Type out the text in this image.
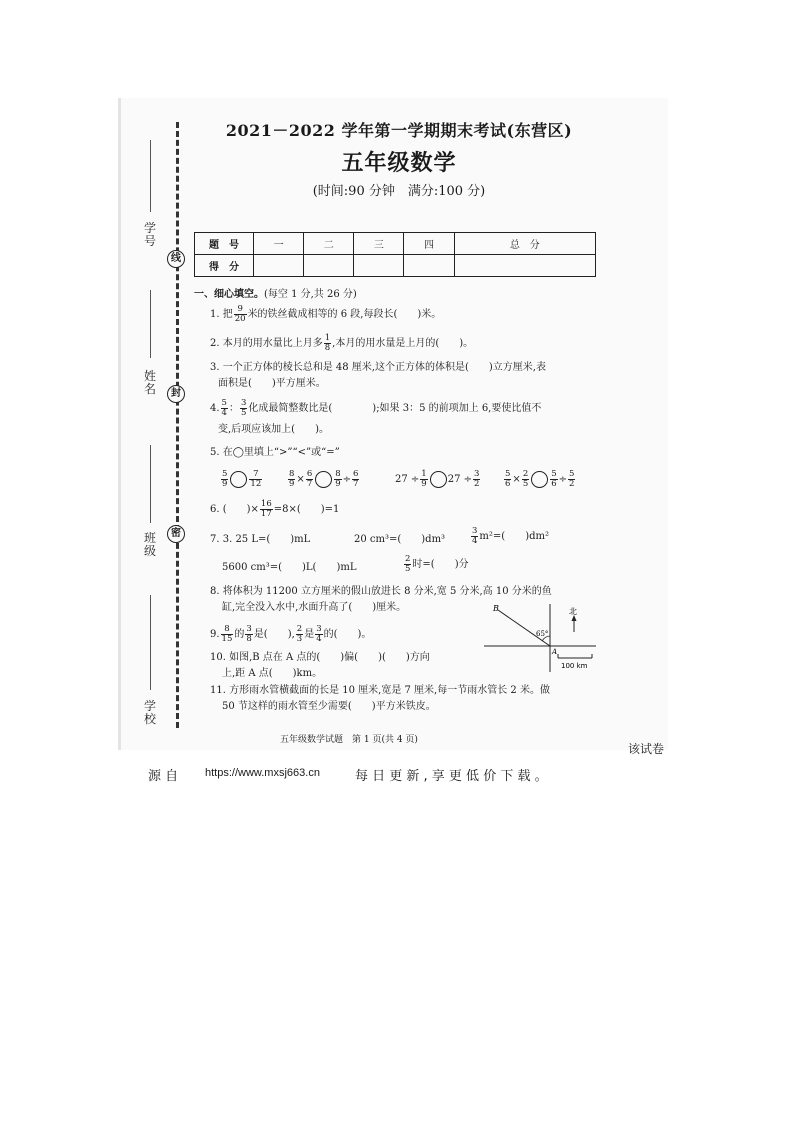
学 号
姓 名
班 级
学 校
线
封
密
2021－2022 学年第一学期期末考试(东营区)
五年级数学
(时间:90 分钟　满分:100 分)
题　号	一	二	三	四	总　分
得　分					
一、细心填空。(每空 1 分,共 26 分)
1. 把 $\frac{9}{20}$ 米的铁丝截成相等的 6 段,每段长(　　)米。
2. 本月的用水量比上月多 $\frac{1}{8}$ ,本月的用水量是上月的(　　)。
3. 一个正方体的棱长总和是 48 厘米,这个正方体的体积是(　　)立方厘米,表
面积是(　　)平方厘米。
4. $\frac{5}{4}$ ： $\frac{3}{5}$ 化成最简整数比是(　　　　);如果 3：5 的前项加上 6,要使比值不
变,后项应该加上(　　)。
5. 在◯里填上“>”“<”或“=”
$\frac{5}{9} \frac{7}{12}$	$\frac{8}{9} \times \frac{6}{7} \frac{8}{9} \div \frac{6}{7}$	$27 \div \frac{1}{9} 27 \div \frac{3}{2}$	$\frac{5}{6} \times \frac{2}{5} \frac{5}{6} \div \frac{5}{2}$
6. (　　)× $\frac{16}{17} =8\times$(　　)=1
7. 3. 25 L=(　　)mL	20 cm³=(　　)dm³	$\frac{3}{4} m^2=$(　　)dm²
5600 cm³=(　　)L(　　)mL	$\frac{2}{5}$ 时=(　　)分
8. 将体积为 11200 立方厘米的假山放进长 8 分米,宽 5 分米,高 10 分米的鱼
缸,完全没入水中,水面升高了(　　)厘米。
9. $\frac{8}{15}$ 的 $\frac{3}{8}$ 是(　　), $\frac{2}{3}$ 是 $\frac{3}{4}$ 的(　　)。
10. 如图,B 点在 A 点的(　　)偏(　　)(　　)方向
上,距 A 点(　　)km。
B
A
北
65°
100 km
11. 方形雨水管横截面的长是 10 厘米,宽是 7 厘米,每一节雨水管长 2 米。做
50 节这样的雨水管至少需要(　　)平方米铁皮。
五年级数学试题　第 1 页(共 4 页)
该试卷
源 自 https://www.mxsj663.cn	每 日 更 新 , 享 更 低 价 下 载 。
